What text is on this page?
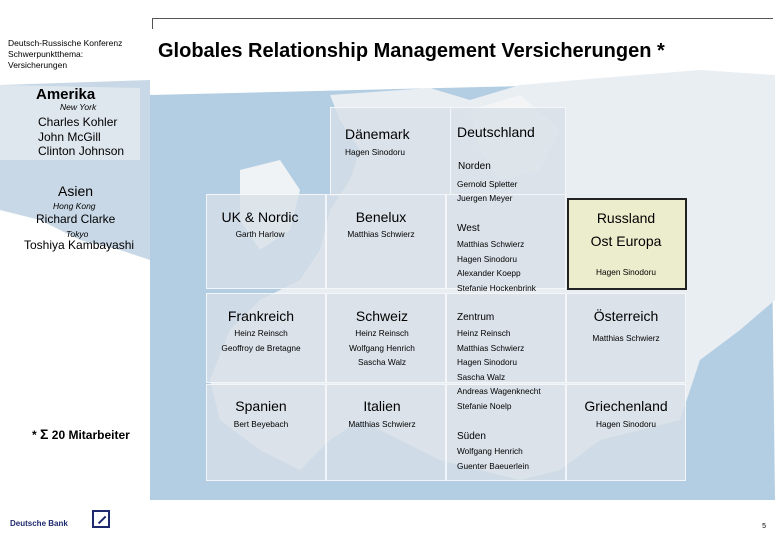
Deutsch-Russische Konferenz
Schwerpunktthema:
Versicherungen
Globales Relationship Management Versicherungen *
Amerika
New York
Charles Kohler
John McGill
Clinton Johnson
Asien
Hong Kong
Richard Clarke
Tokyo
Toshiya Kambayashi
Dänemark
Hagen Sinodoru
Deutschland
Norden
Gernold Spletter
Juergen Meyer
UK & Nordic
Garth Harlow
Benelux
Matthias Schwierz	West
Matthias Schwierz
Hagen Sinodoru
Alexander Koepp
Stefanie Hockenbrink
Russland
Ost Europa
Hagen Sinodoru
Frankreich
Heinz Reinsch
Geoffroy de Bretagne
Schweiz
Heinz Reinsch
Wolfgang Henrich
Sascha Walz
Zentrum
Heinz Reinsch
Matthias Schwierz
Hagen Sinodoru
Sascha Walz
Andreas Wagenknecht
Stefanie Noelp
Österreich
Matthias Schwierz
Spanien
Bert Beyebach
Italien
Matthias Schwierz
Süden
Wolfgang Henrich
Guenter Baeuerlein
Griechenland
Hagen Sinodoru
* Σ 20 Mitarbeiter
Deutsche Bank	5
